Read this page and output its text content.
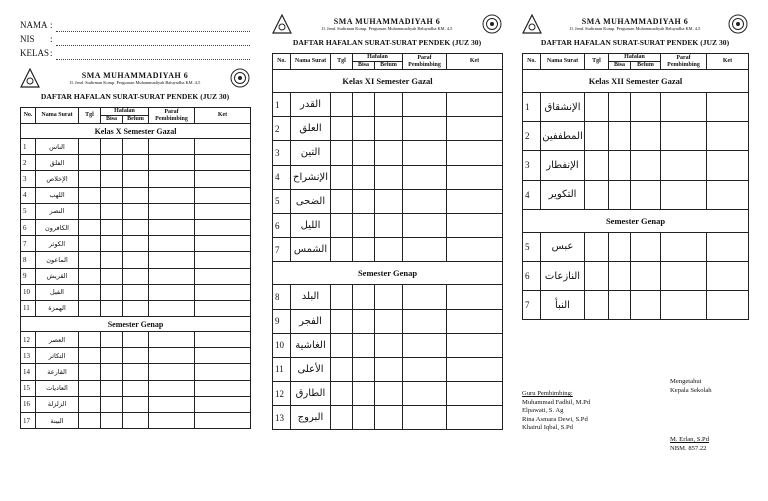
NAMA :
NIS	:
KELAS :
SMA MUHAMMADIYAH 6
Jl. Jend. Sudirman Komp. Perguruan Muhammadiyah Baluyudha KM. 4,5
DAFTAR HAFALAN SURAT-SURAT PENDEK (JUZ 30)
No.	Nama Surat	Tgl	Hafalan		Paraf Pembimbing	Ket
			Bisa	Belum		
Kelas X Semester Gazal						
1	الناس					
2	الفلق					
3	الإخلاص					
4	اللهب					
5	النصر					
6	الكافرون					
7	الكوثر					
8	الماعون					
9	القريش					
10	الفيل					
11	الهمزة					
Semester Genap						
12	العصر					
13	التكاثر					
14	القارعة					
15	العاديات					
16	الزلزلة					
17	البينة					
SMA MUHAMMADIYAH 6
Jl. Jend. Sudirman Komp. Perguruan Muhammadiyah Baluyudha KM. 4,5
DAFTAR HAFALAN SURAT-SURAT PENDEK (JUZ 30)
No.	Nama Surat	Tgl	Hafalan		Paraf Pembimbing	Ket
			Bisa	Belum		
Kelas XI Semester Gazal						
1	القدر					
2	العلق					
3	التين					
4	الإنشراح					
5	الضحى					
6	الليل					
7	الشمس					
Semester Genap						
8	البلد					
9	الفجر					
10	الغاشية					
11	الأعلى					
12	الطارق					
13	البروج					
SMA MUHAMMADIYAH 6
Jl. Jend. Sudirman Komp. Perguruan Muhammadiyah Baluyudha KM. 4,5
DAFTAR HAFALAN SURAT-SURAT PENDEK (JUZ 30)
No.	Nama Surat	Tgl	Hafalan		Paraf Pembimbing	Ket
			Bisa	Belum		
Kelas XII Semester Gazal						
1	الإنشقاق					
2	المطففين					
3	الإنفطار					
4	التكوير					
Semester Genap						
5	عبس					
6	النازعات					
7	النبأ					
Mengetahui
Kepala Sekolah
Guru Pembimbing:
Muhammad Fadhil, M.Pd
Elpawati, S. Ag
Rina Asmara Dewi, S.Pd
Khairul Iqbal, S.Pd
M. Erlan, S.Pd
NBM. 857.22
